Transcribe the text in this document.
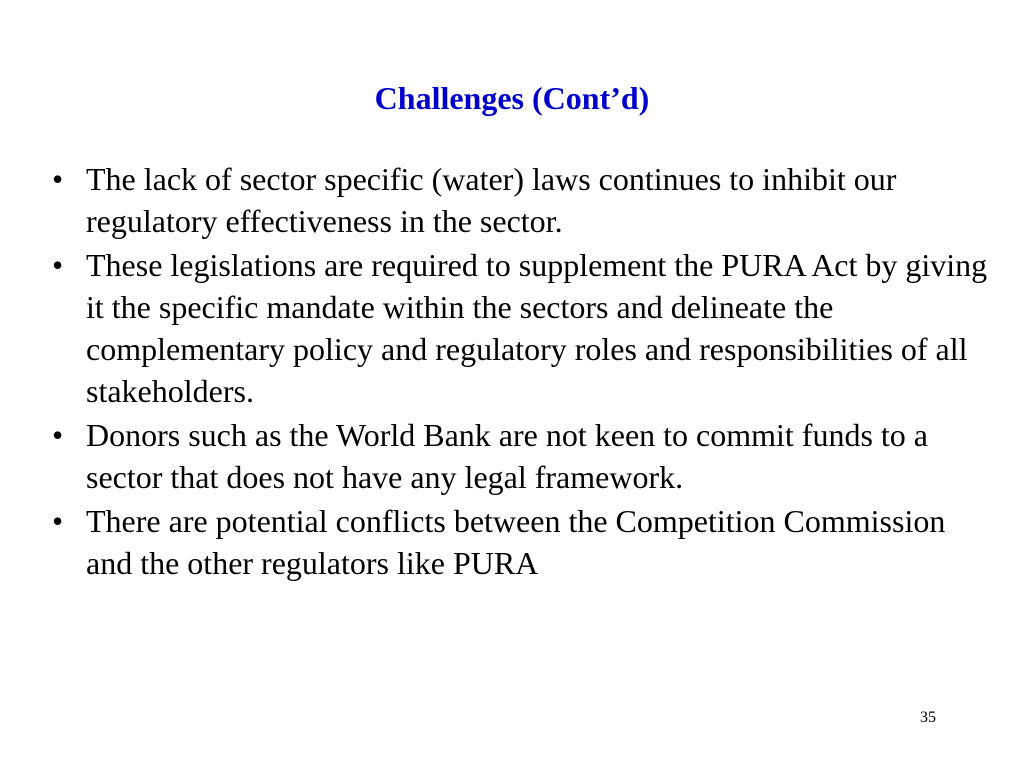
Challenges (Cont’d)
• The lack of sector specific (water) laws continues to inhibit our regulatory effectiveness in the sector.
• These legislations are required to supplement the PURA Act by giving it the specific mandate within the sectors and delineate the complementary policy and regulatory roles and responsibilities of all stakeholders.
• Donors such as the World Bank are not keen to commit funds to a sector that does not have any legal framework.
• There are potential conflicts between the Competition Commission and the other regulators like PURA
35
